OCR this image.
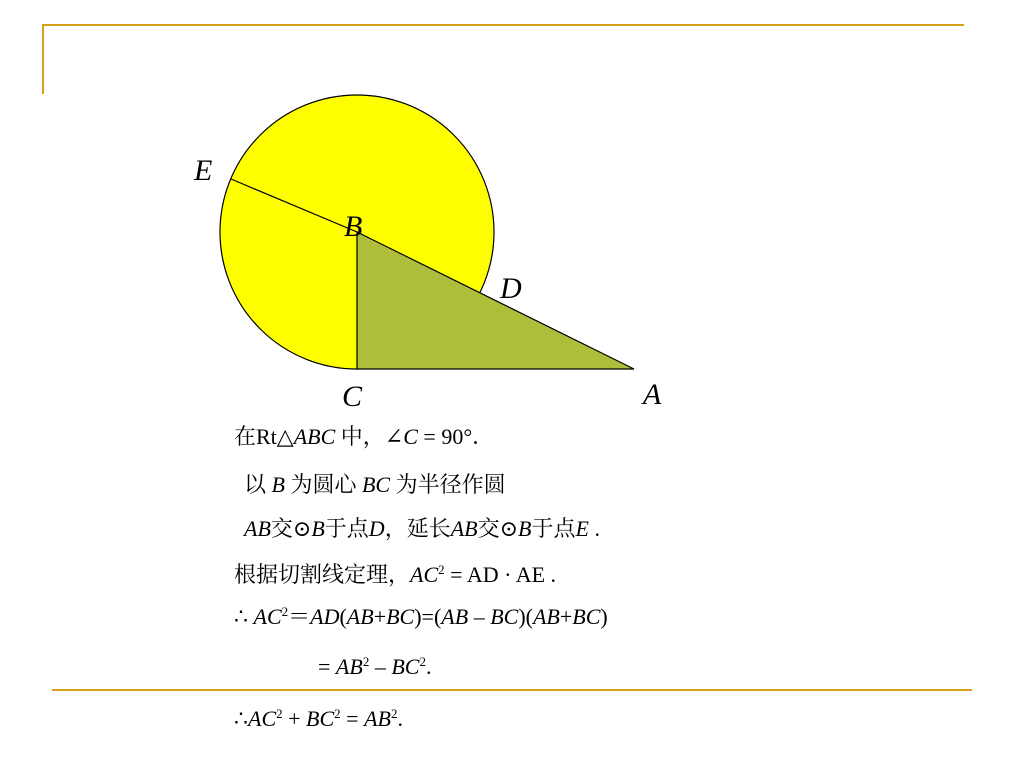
E
B
D
C	A
在Rt△ABC 中，∠C = 90°．
以 B 为圆心 BC 为半径作圆
AB交⊙B于点D，延长AB交⊙B于点E .
根据切割线定理，$AC^2$ = AD · AE .
∴ $AC^2=AD(AB+BC)=(AB - BC)(AB+BC)$
= $AB^2 - BC^2$.
$\therefore AC^2 + BC^2 = AB^2$.
